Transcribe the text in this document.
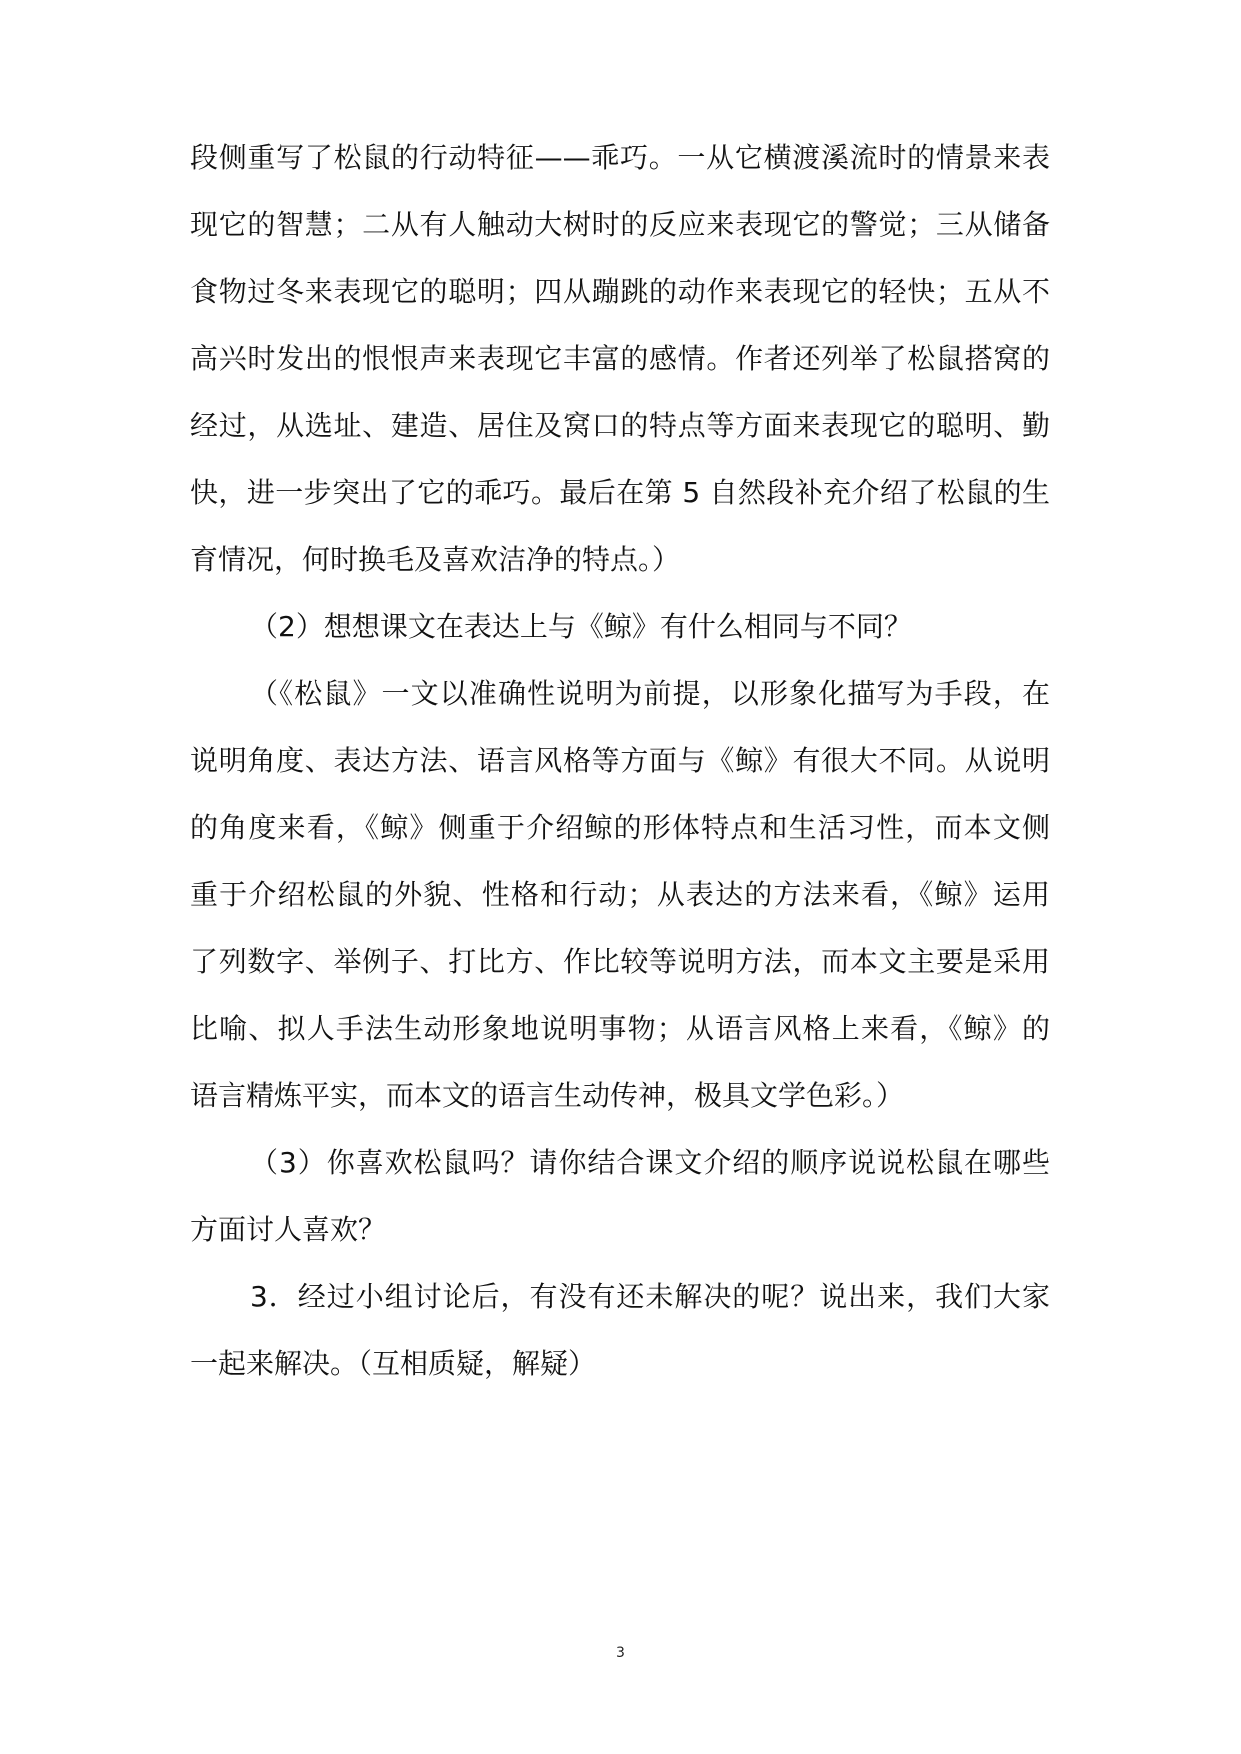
段侧重写了松鼠的行动特征——乖巧。一从它横渡溪流时的情景来表
现它的智慧；二从有人触动大树时的反应来表现它的警觉；三从储备
食物过冬来表现它的聪明；四从蹦跳的动作来表现它的轻快；五从不
高兴时发出的恨恨声来表现它丰富的感情。作者还列举了松鼠搭窝的
经过，从选址、建造、居住及窝口的特点等方面来表现它的聪明、勤
快，进一步突出了它的乖巧。最后在第 5 自然段补充介绍了松鼠的生
育情况，何时换毛及喜欢洁净的特点。）
（2）想想课文在表达上与《鲸》有什么相同与不同？
（《松鼠》一文以准确性说明为前提，以形象化描写为手段，在
说明角度、表达方法、语言风格等方面与《鲸》有很大不同。从说明
的角度来看，《鲸》侧重于介绍鲸的形体特点和生活习性，而本文侧
重于介绍松鼠的外貌、性格和行动；从表达的方法来看，《鲸》运用
了列数字、举例子、打比方、作比较等说明方法，而本文主要是采用
比喻、拟人手法生动形象地说明事物；从语言风格上来看，《鲸》的
语言精炼平实，而本文的语言生动传神，极具文学色彩。）
（3）你喜欢松鼠吗？请你结合课文介绍的顺序说说松鼠在哪些
方面讨人喜欢？
3．经过小组讨论后，有没有还未解决的呢？说出来，我们大家
一起来解决。（互相质疑，解疑）
3
